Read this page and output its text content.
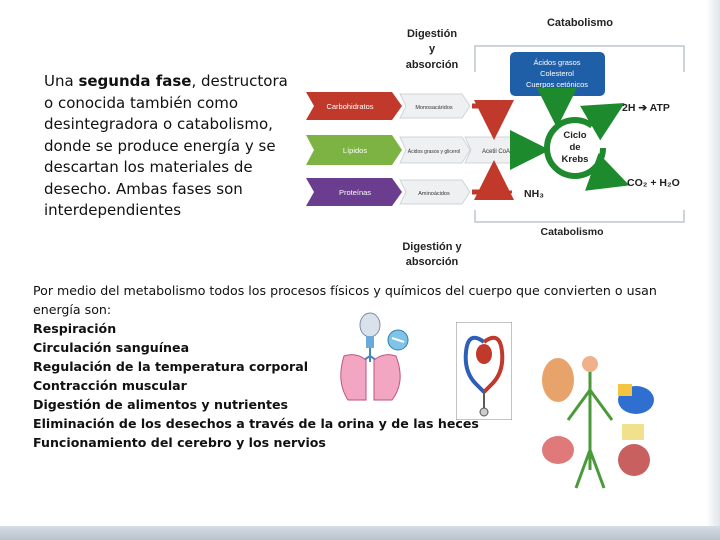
Una segunda fase, destructora o conocida también como desintegradora o catabolismo, donde se produce energía y se descartan los materiales de desecho. Ambas fases son interdependientes
Digestión
y
absorción
Catabolismo
Ácidos grasos
Colesterol
Cuerpos cetónicos
Carbohidratos	Monosacáridos
Lípidos	Ácidos grasos y glicerol	Acetil CoA
Proteínas	Aminoácidos
Ciclo
de
Krebs
2H ➔ ATP
CO₂ + H₂O
NH₃
Catabolismo
Digestión y
absorción
Por medio del metabolismo todos los procesos físicos y químicos del cuerpo que convierten o usan energía son:
Respiración
Circulación sanguínea
Regulación de la temperatura corporal
Contracción muscular
Digestión de alimentos y nutrientes
Eliminación de los desechos a través de la orina y de las heces
Funcionamiento del cerebro y los nervios
